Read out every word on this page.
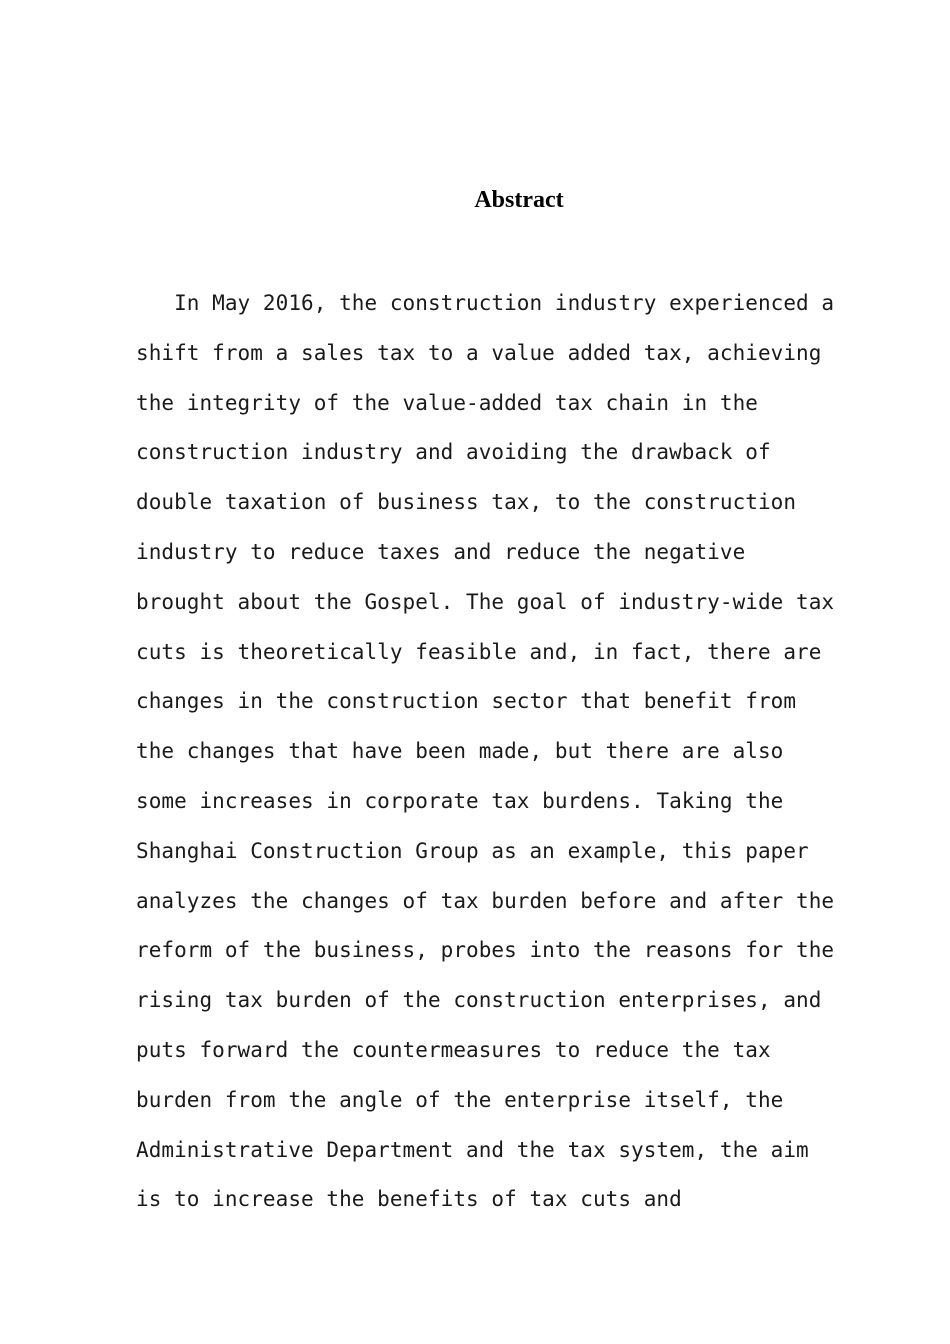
Abstract
In May 2016, the construction industry experienced a
shift from a sales tax to a value added tax, achieving
the integrity of the value-added tax chain in the
construction industry and avoiding the drawback of
double taxation of business tax, to the construction
industry to reduce taxes and reduce the negative
brought about the Gospel. The goal of industry-wide tax
cuts is theoretically feasible and, in fact, there are
changes in the construction sector that benefit from
the changes that have been made, but there are also
some increases in corporate tax burdens. Taking the
Shanghai Construction Group as an example, this paper
analyzes the changes of tax burden before and after the
reform of the business, probes into the reasons for the
rising tax burden of the construction enterprises, and
puts forward the countermeasures to reduce the tax
burden from the angle of the enterprise itself, the
Administrative Department and the tax system, the aim
is to increase the benefits of tax cuts and
